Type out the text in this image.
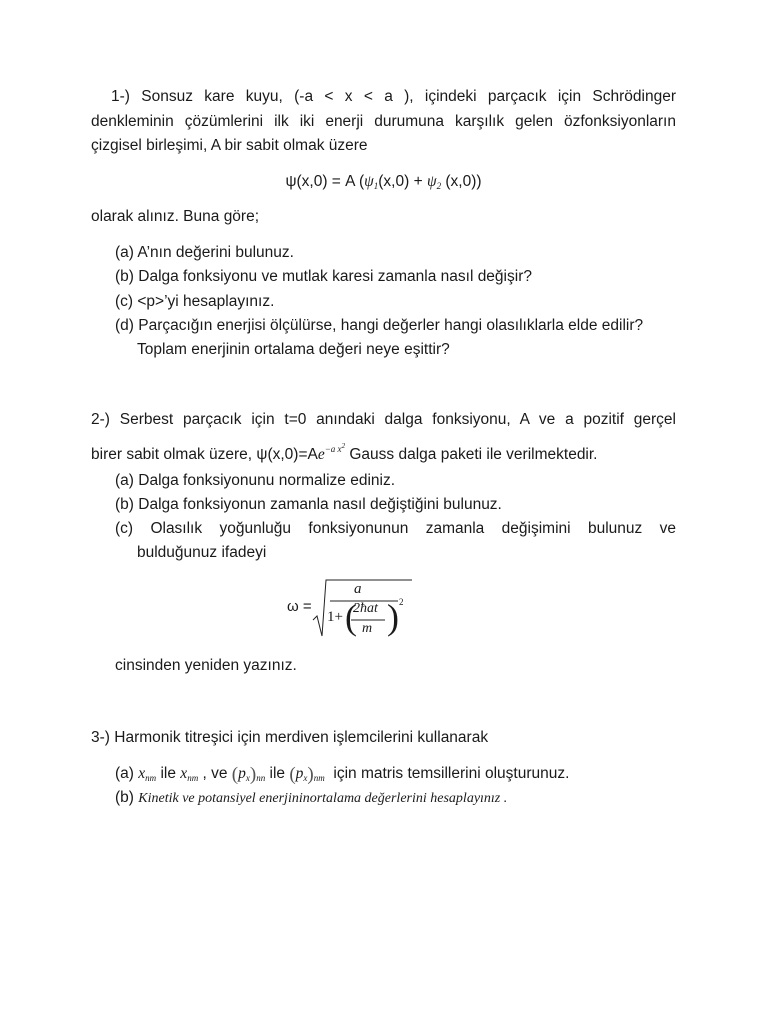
1-) Sonsuz kare kuyu, (-a < x < a ), içindeki parçacık için Schrödinger
denkleminin çözümlerini ilk iki enerji durumuna karşılık gelen özfonksiyonların
çizgisel birleşimi, A bir sabit olmak üzere
ψ(x,0) = A ($\psi_1(x,0) + \psi_2$ (x,0))
olarak alınız. Buna göre;
(a) A’nın değerini bulunuz.
(b) Dalga fonksiyonu ve mutlak karesi zamanla nasıl değişir?
(c) <p>’yi hesaplayınız.
(d) Parçacığın enerjisi ölçülürse, hangi değerler hangi olasılıklarla elde edilir?
Toplam enerjinin ortalama değeri neye eşittir?
2-) Serbest parçacık için t=0 anındaki dalga fonksiyonu, A ve a pozitif gerçel
birer sabit olmak üzere, $\psi(x,0)=Ae^{-a x2}$ Gauss dalga paketi ile verilmektedir.
(a) Dalga fonksiyonunu normalize ediniz.
(b) Dalga fonksiyonun zamanla nasıl değiştiğini bulunuz.
(c) Olasılık yoğunluğu fonksiyonunun zamanla değişimini bulunuz ve
bulduğunuz ifadeyi
ω =
a
1+ (
2ħat
m ) 2
cinsinden yeniden yazınız.
3-) Harmonik titreşici için merdiven işlemcilerini kullanarak
(a) $x_{nm}$ ile $x_{nm}$ , ve $(p_x)_{nn}$ ile $(p_x)_{nm}$ için matris temsillerini oluşturunuz.
(b) Kinetik ve potansiyel enerjininortalama değerlerini hesaplayınız .
